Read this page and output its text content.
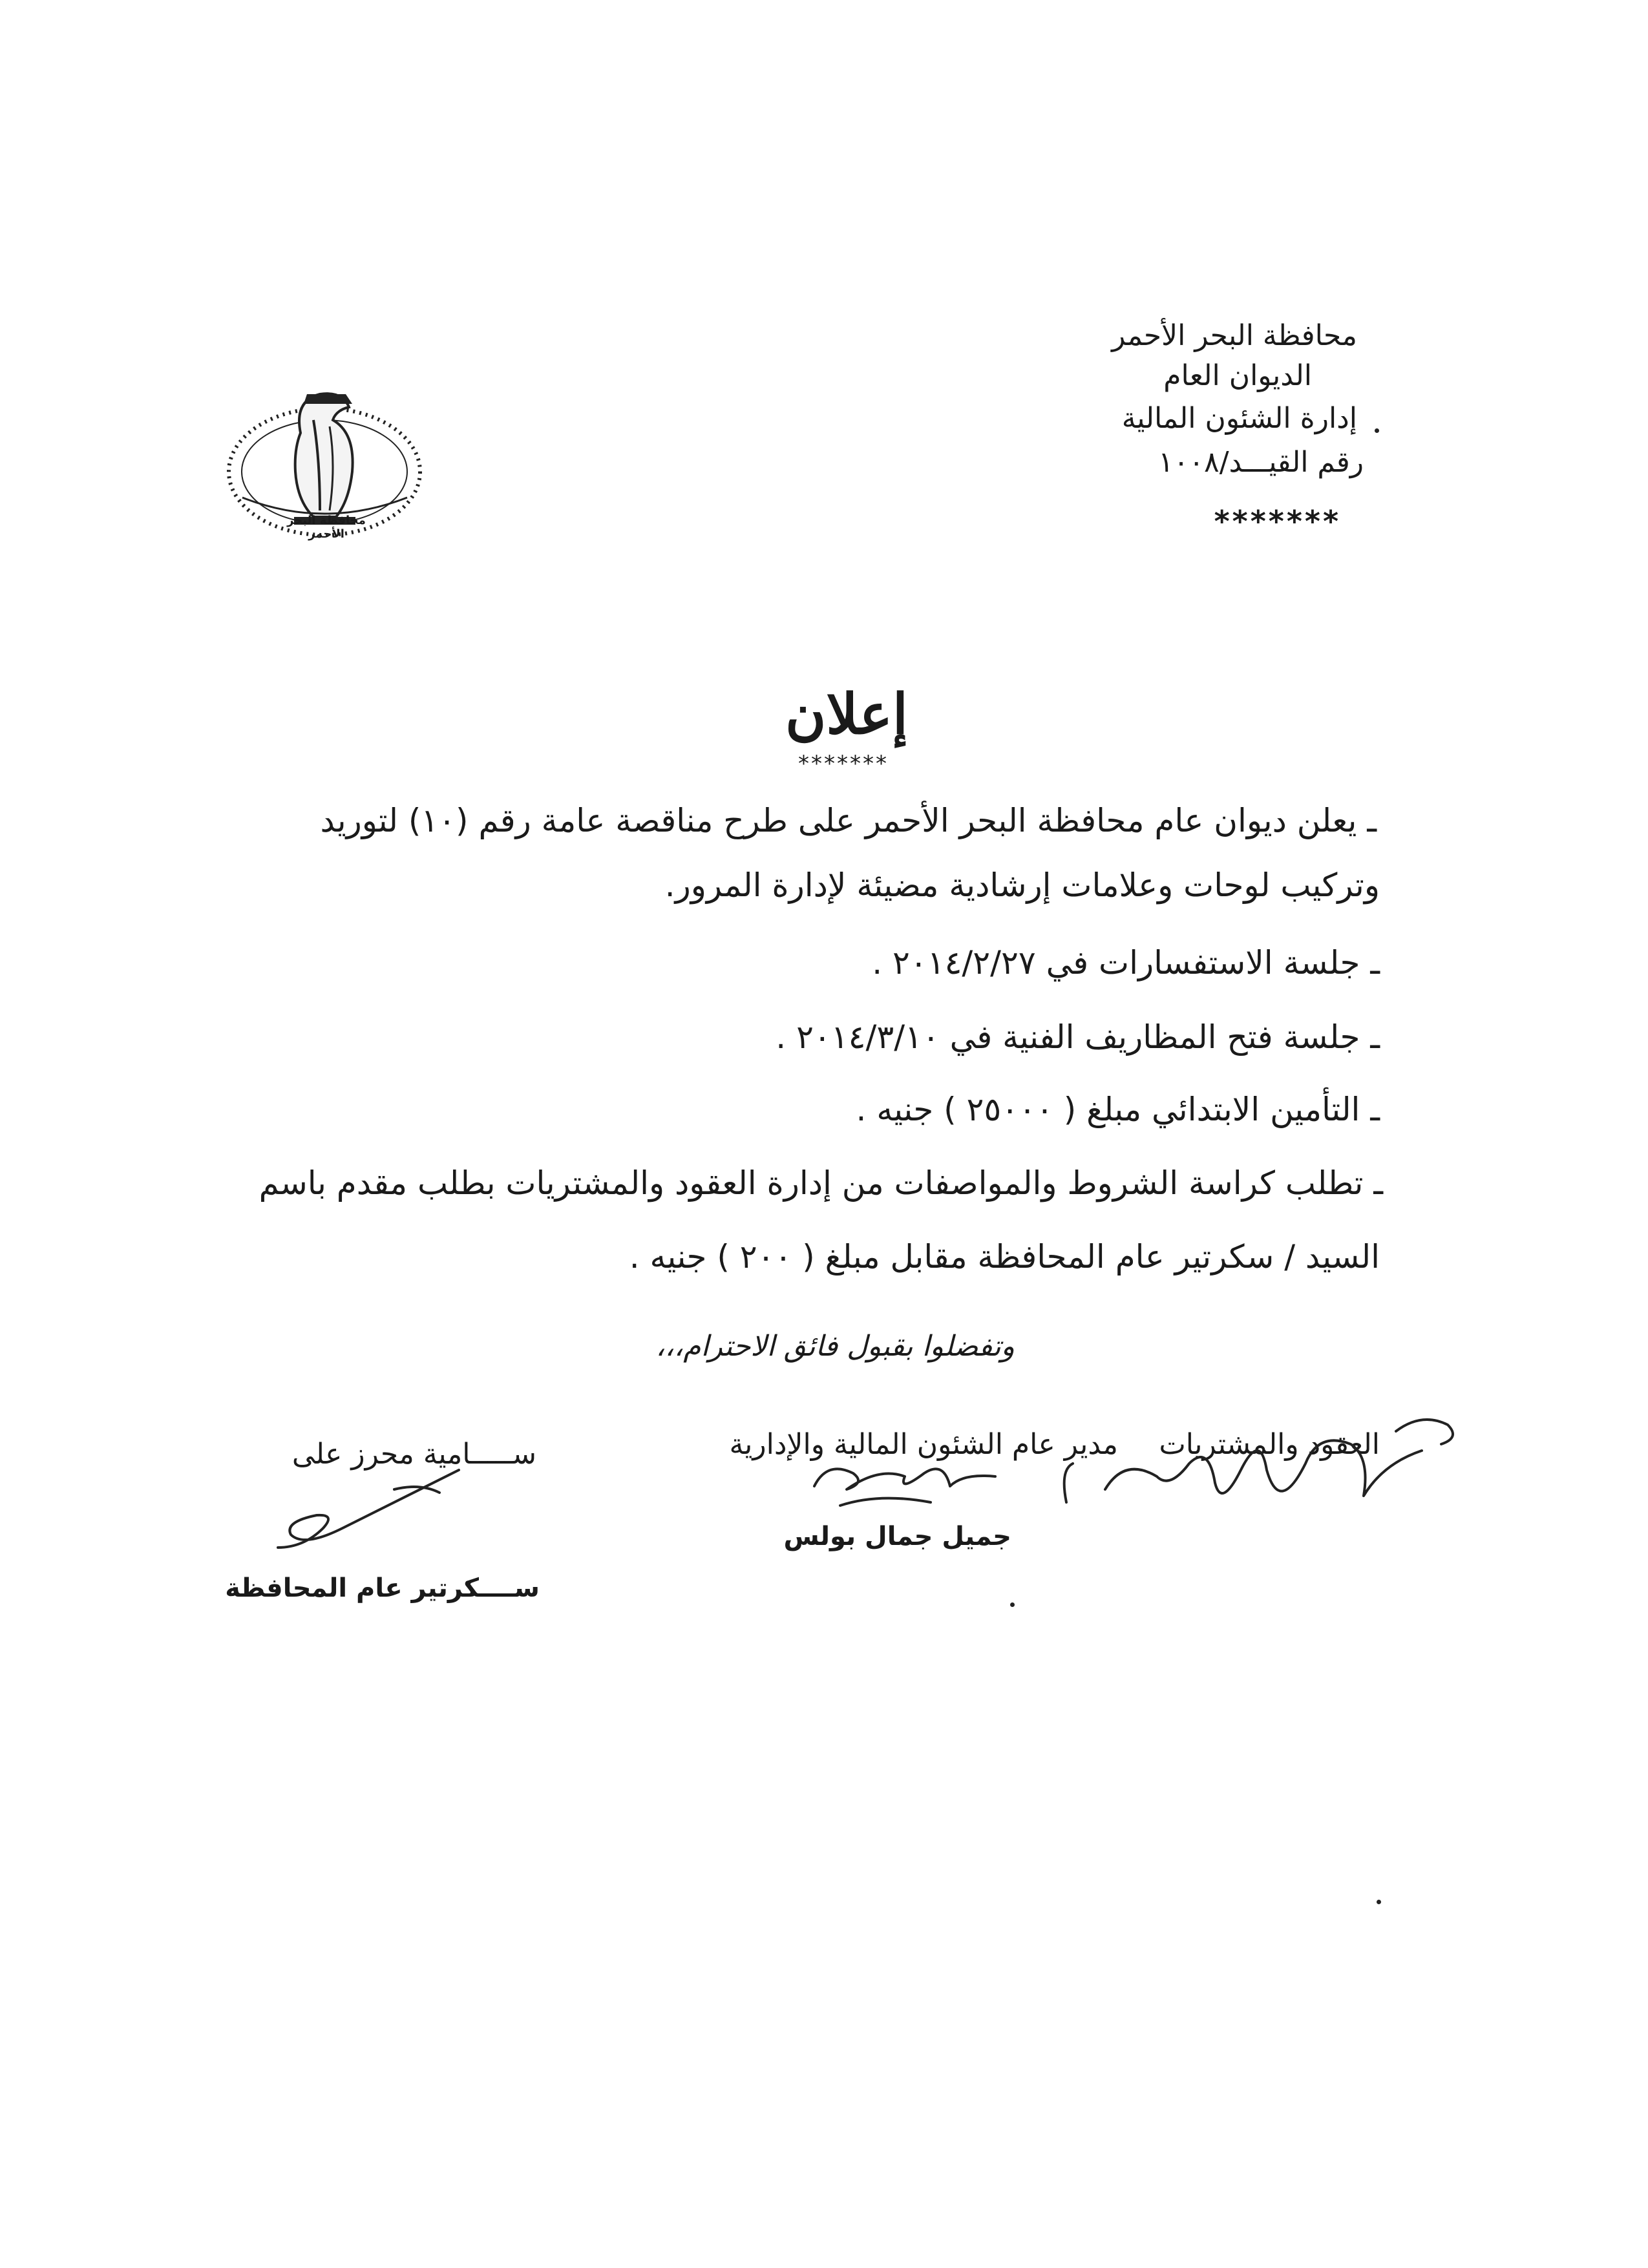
محافظة البحر الأحمر
الديوان العام
إدارة الشئون المالية
رقم القيـــد/١٠٠٨
*******
محافظة البحر الأحمر
إعلان
*******
ـ يعلن ديوان عام محافظة البحر الأحمر على طرح مناقصة عامة رقم (١٠) لتوريد
وتركيب لوحات وعلامات إرشادية مضيئة لإدارة المرور.
ـ جلسة الاستفسارات في ٢٠١٤/٢/٢٧ .
ـ جلسة فتح المظاريف الفنية في ٢٠١٤/٣/١٠ .
ـ التأمين الابتدائي مبلغ ( ٢٥٠٠٠ ) جنيه .
ـ تطلب كراسة الشروط والمواصفات من إدارة العقود والمشتريات بطلب مقدم باسم
السيد / سكرتير عام المحافظة مقابل مبلغ ( ٢٠٠ ) جنيه .
وتفضلوا بقبول فائق الاحترام،،،
العقود والمشتريات
مدير عام الشئون المالية والإدارية
ســـــامية محرز على
جميل جمال بولس
ســــكرتير عام المحافظة
